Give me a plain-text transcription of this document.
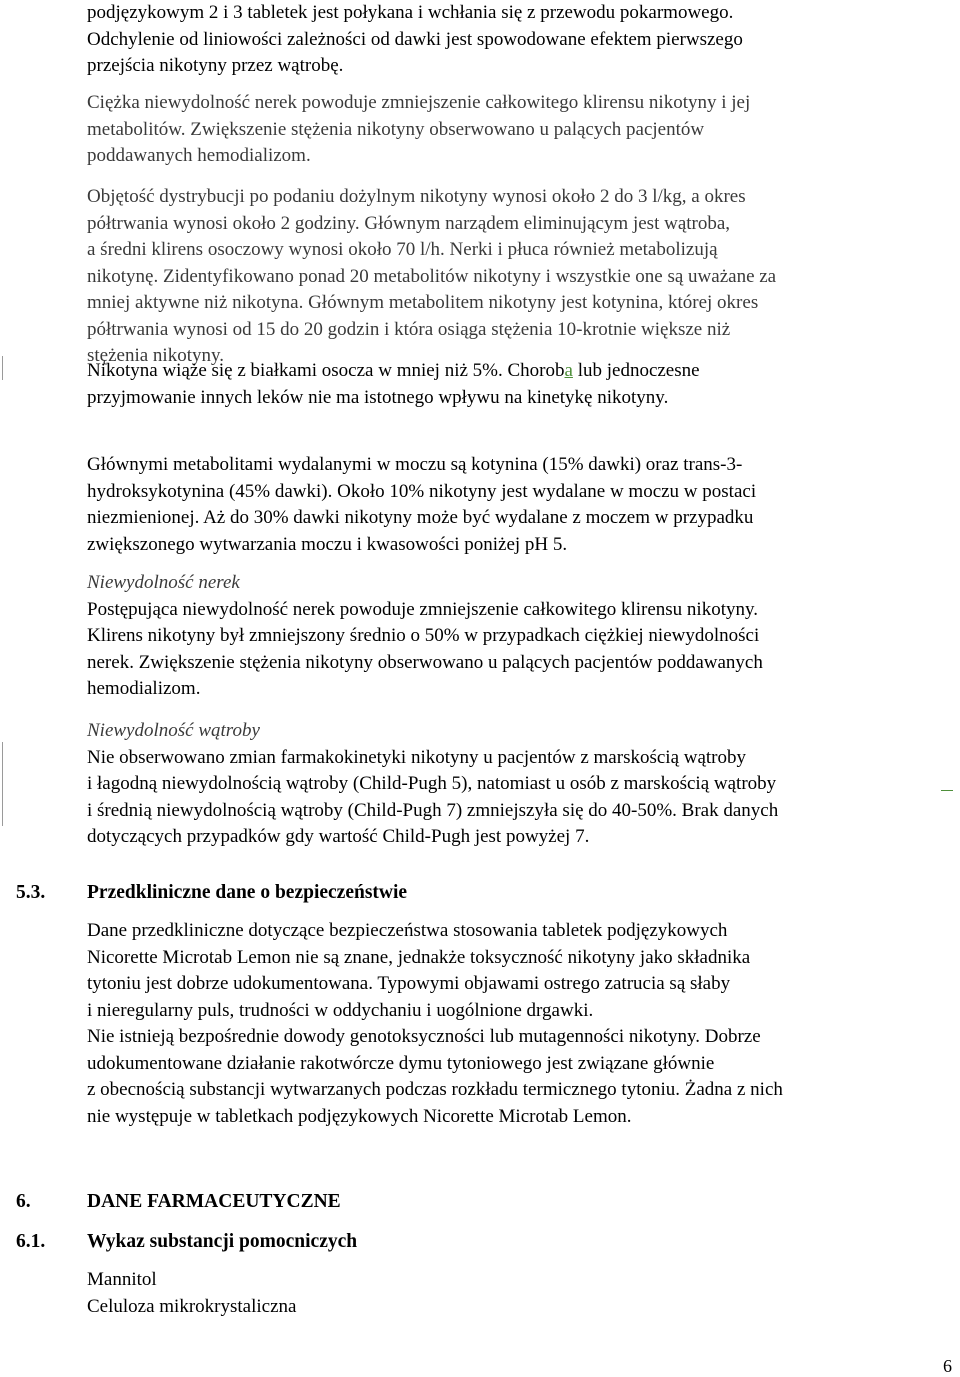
podjęzykowym 2 i 3 tabletek jest połykana i wchłania się z przewodu pokarmowego.
Odchylenie od liniowości zależności od dawki jest spowodowane efektem pierwszego
przejścia nikotyny przez wątrobę.
Ciężka niewydolność nerek powoduje zmniejszenie całkowitego klirensu nikotyny i jej
metabolitów. Zwiększenie stężenia nikotyny obserwowano u palących pacjentów
poddawanych hemodializom.
Objętość dystrybucji po podaniu dożylnym nikotyny wynosi około 2 do 3 l/kg, a okres
półtrwania wynosi około 2 godziny. Głównym narządem eliminującym jest wątroba,
a średni klirens osoczowy wynosi około 70 l/h. Nerki i płuca również metabolizują
nikotynę. Zidentyfikowano ponad 20 metabolitów nikotyny i wszystkie one są uważane za
mniej aktywne niż nikotyna. Głównym metabolitem nikotyny jest kotynina, której okres
półtrwania wynosi od 15 do 20 godzin i która osiąga stężenia 10-krotnie większe niż
stężenia nikotyny.
Nikotyna wiąże się z białkami osocza w mniej niż 5%. Choroba lub jednoczesne
przyjmowanie innych leków nie ma istotnego wpływu na kinetykę nikotyny.
Głównymi metabolitami wydalanymi w moczu są kotynina (15% dawki) oraz trans-3-
hydroksykotynina (45% dawki). Około 10% nikotyny jest wydalane w moczu w postaci
niezmienionej. Aż do 30% dawki nikotyny może być wydalane z moczem w przypadku
zwiększonego wytwarzania moczu i kwasowości poniżej pH 5.
Niewydolność nerek
Postępująca niewydolność nerek powoduje zmniejszenie całkowitego klirensu nikotyny.
Klirens nikotyny był zmniejszony średnio o 50% w przypadkach ciężkiej niewydolności
nerek. Zwiększenie stężenia nikotyny obserwowano u palących pacjentów poddawanych
hemodializom.
Niewydolność wątroby
Nie obserwowano zmian farmakokinetyki nikotyny u pacjentów z marskością wątroby
i łagodną niewydolnością wątroby (Child-Pugh 5), natomiast u osób z marskością wątroby
i średnią niewydolnością wątroby (Child-Pugh 7) zmniejszyła się do 40-50%. Brak danych
dotyczących przypadków gdy wartość Child-Pugh jest powyżej 7.
5.3. Przedkliniczne dane o bezpieczeństwie
Dane przedkliniczne dotyczące bezpieczeństwa stosowania tabletek podjęzykowych
Nicorette Microtab Lemon nie są znane, jednakże toksyczność nikotyny jako składnika
tytoniu jest dobrze udokumentowana. Typowymi objawami ostrego zatrucia są słaby
i nieregularny puls, trudności w oddychaniu i uogólnione drgawki.
Nie istnieją bezpośrednie dowody genotoksyczności lub mutagenności nikotyny. Dobrze
udokumentowane działanie rakotwórcze dymu tytoniowego jest związane głównie
z obecnością substancji wytwarzanych podczas rozkładu termicznego tytoniu. Żadna z nich
nie występuje w tabletkach podjęzykowych Nicorette Microtab Lemon.
6.	DANE FARMACEUTYCZNE
6.1. Wykaz substancji pomocniczych
Mannitol
Celuloza mikrokrystaliczna
6
